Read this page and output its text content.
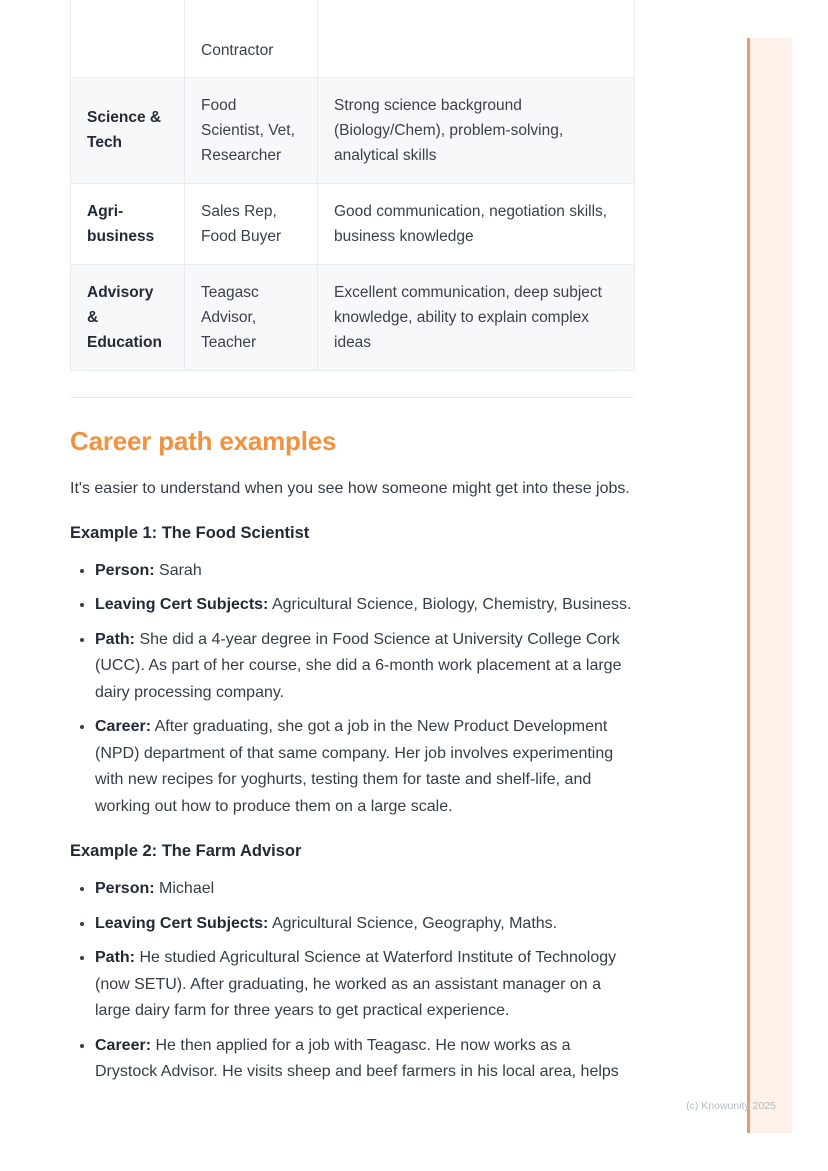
	Contractor	
Science & Tech	Food Scientist, Vet, Researcher	Strong science background (Biology/Chem), problem-solving, analytical skills
Agri-business	Sales Rep, Food Buyer	Good communication, negotiation skills, business knowledge
Advisory & Education	Teagasc Advisor, Teacher	Excellent communication, deep subject knowledge, ability to explain complex ideas
Career path examples

It's easier to understand when you see how someone might get into these jobs.

Example 1: The Food Scientist
• Person: Sarah
• Leaving Cert Subjects: Agricultural Science, Biology, Chemistry, Business.
• Path: She did a 4-year degree in Food Science at University College Cork (UCC). As part of her course, she did a 6-month work placement at a large dairy processing company.
• Career: After graduating, she got a job in the New Product Development (NPD) department of that same company. Her job involves experimenting with new recipes for yoghurts, testing them for taste and shelf-life, and working out how to produce them on a large scale.
Example 2: The Farm Advisor
• Person: Michael
• Leaving Cert Subjects: Agricultural Science, Geography, Maths.
• Path: He studied Agricultural Science at Waterford Institute of Technology (now SETU). After graduating, he worked as an assistant manager on a large dairy farm for three years to get practical experience.
• Career: He then applied for a job with Teagasc. He now works as a Drystock Advisor. He visits sheep and beef farmers in his local area, helps
(c) Knowunity 2025
